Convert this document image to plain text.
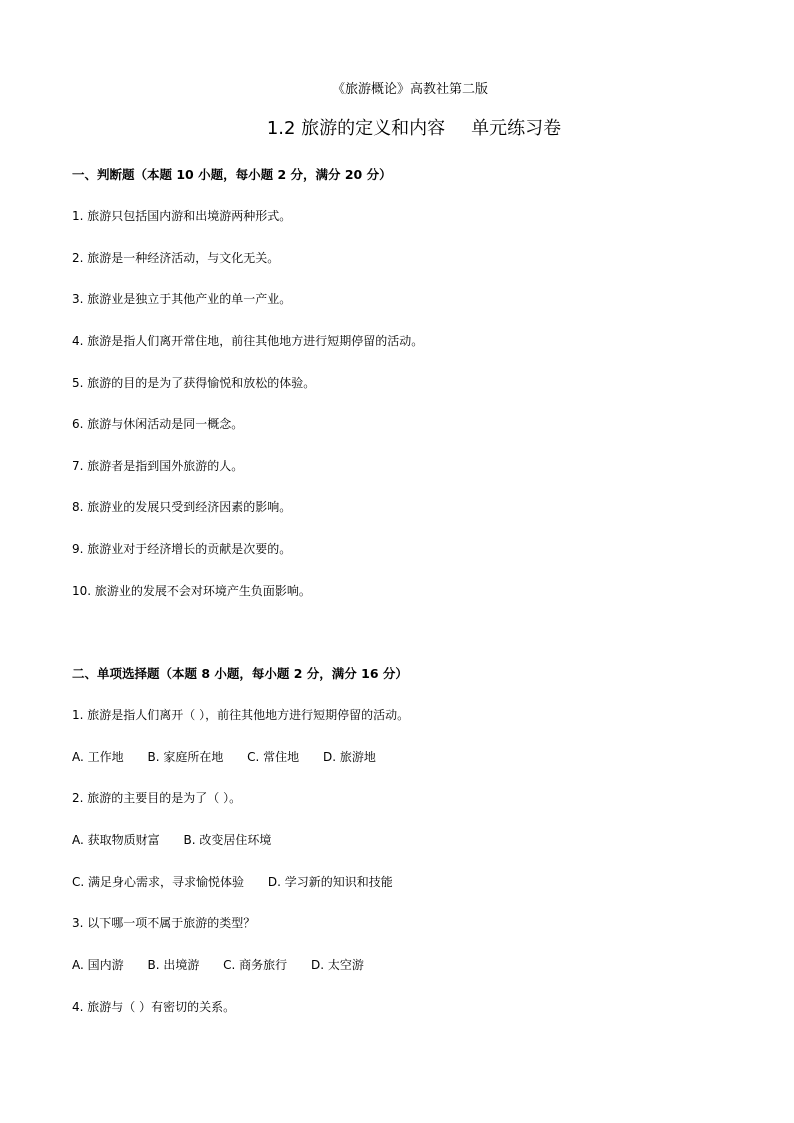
《旅游概论》高教社第二版
1.2 旅游的定义和内容 单元练习卷
一、判断题（本题 10 小题，每小题 2 分，满分 20 分）
1. 旅游只包括国内游和出境游两种形式。
2. 旅游是一种经济活动，与文化无关。
3. 旅游业是独立于其他产业的单一产业。
4. 旅游是指人们离开常住地，前往其他地方进行短期停留的活动。
5. 旅游的目的是为了获得愉悦和放松的体验。
6. 旅游与休闲活动是同一概念。
7. 旅游者是指到国外旅游的人。
8. 旅游业的发展只受到经济因素的影响。
9. 旅游业对于经济增长的贡献是次要的。
10. 旅游业的发展不会对环境产生负面影响。
二、单项选择题（本题 8 小题，每小题 2 分，满分 16 分）
1. 旅游是指人们离开（ ），前往其他地方进行短期停留的活动。
A. 工作地 B. 家庭所在地 C. 常住地 D. 旅游地
2. 旅游的主要目的是为了（ ）。
A. 获取物质财富 B. 改变居住环境
C. 满足身心需求，寻求愉悦体验 D. 学习新的知识和技能
3. 以下哪一项不属于旅游的类型？
A. 国内游 B. 出境游 C. 商务旅行 D. 太空游
4. 旅游与（ ）有密切的关系。
